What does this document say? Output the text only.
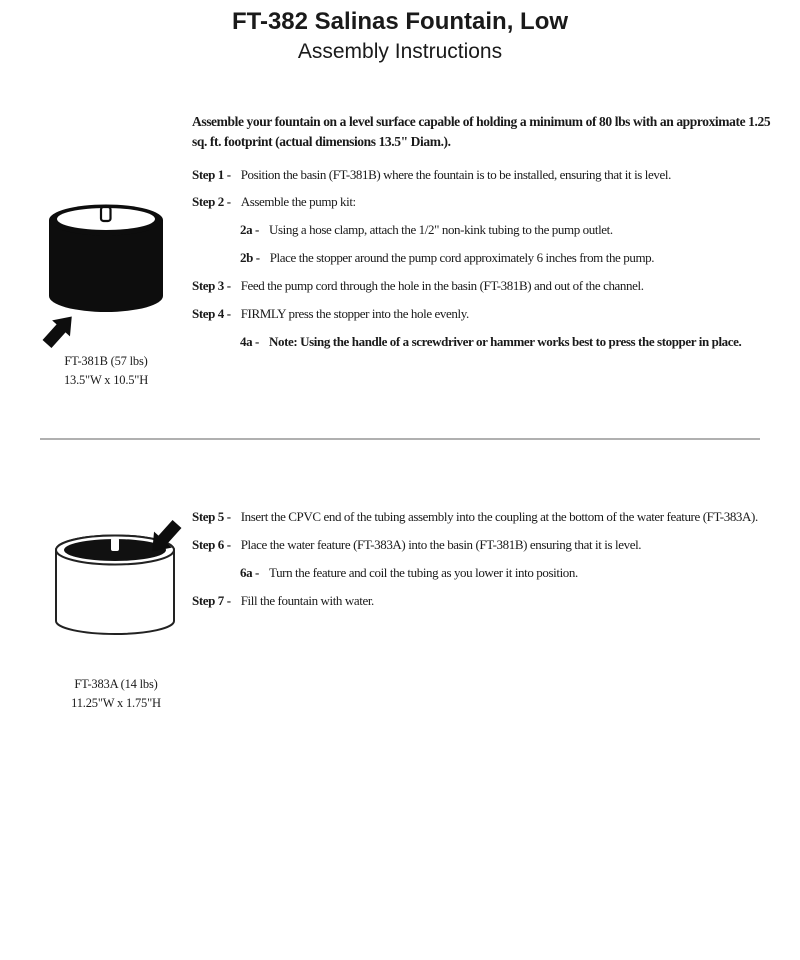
FT-382 Salinas Fountain, Low
Assembly Instructions
FT-381B (57 lbs)
13.5"W x 10.5"H

Assemble your fountain on a level surface capable of holding a minimum of 80 lbs with an approximate 1.25 sq. ft. footprint (actual dimensions 13.5" Diam.).

Step 1 - Position the basin (FT-381B) where the fountain is to be installed, ensuring that it is level.
Step 2 - Assemble the pump kit:
2a - Using a hose clamp, attach the 1/2" non-kink tubing to the pump outlet.
2b - Place the stopper around the pump cord approximately 6 inches from the pump.
Step 3 - Feed the pump cord through the hole in the basin (FT-381B) and out of the channel.
Step 4 - FIRMLY press the stopper into the hole evenly.
4a - Note: Using the handle of a screwdriver or hammer works best to press the stopper in place.
FT-383A (14 lbs)
11.25"W x 1.75"H
Step 5 - Insert the CPVC end of the tubing assembly into the coupling at the bottom of the water feature (FT-383A).
Step 6 - Place the water feature (FT-383A) into the basin (FT-381B) ensuring that it is level.
6a - Turn the feature and coil the tubing as you lower it into position.
Step 7 - Fill the fountain with water.
